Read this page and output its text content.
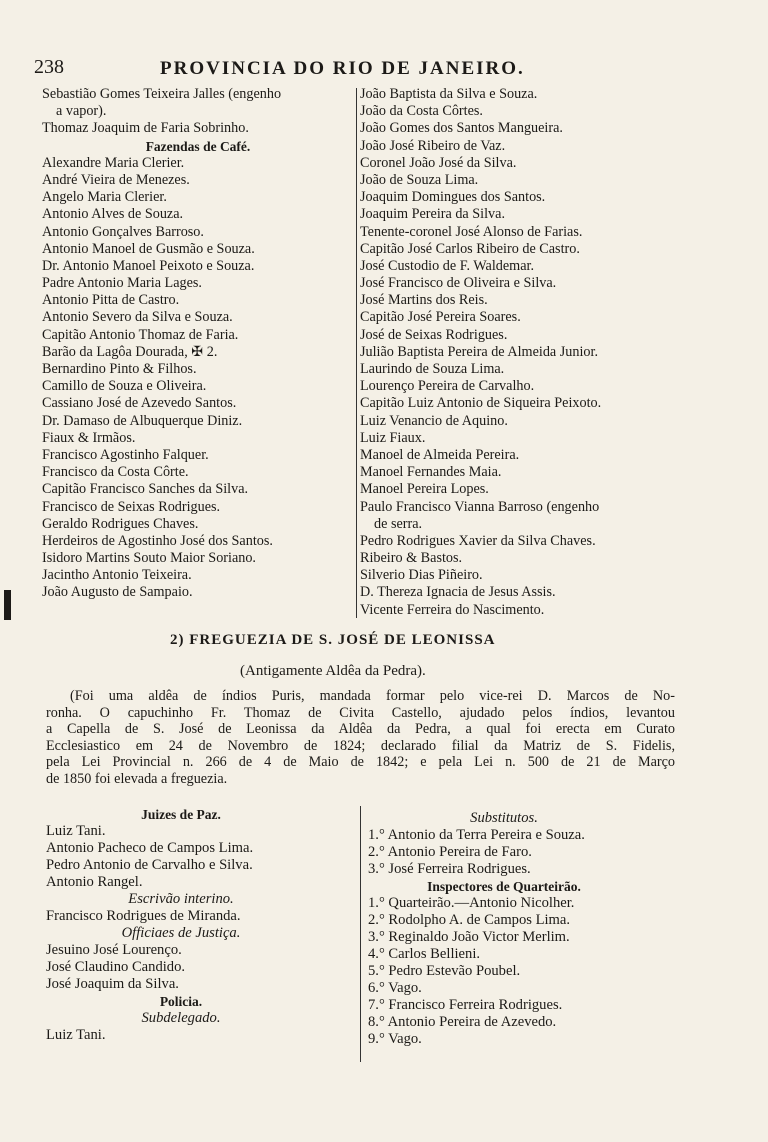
238	PROVINCIA DO RIO DE JANEIRO.
Sebastião Gomes Teixeira Jalles (engenho
a vapor).
Thomaz Joaquim de Faria Sobrinho.
Fazendas de Café.
Alexandre Maria Clerier.
André Vieira de Menezes.
Angelo Maria Clerier.
Antonio Alves de Souza.
Antonio Gonçalves Barroso.
Antonio Manoel de Gusmão e Souza.
Dr. Antonio Manoel Peixoto e Souza.
Padre Antonio Maria Lages.
Antonio Pitta de Castro.
Antonio Severo da Silva e Souza.
Capitão Antonio Thomaz de Faria.
Barão da Lagôa Dourada, ✠ 2.
Bernardino Pinto & Filhos.
Camillo de Souza e Oliveira.
Cassiano José de Azevedo Santos.
Dr. Damaso de Albuquerque Diniz.
Fiaux & Irmãos.
Francisco Agostinho Falquer.
Francisco da Costa Côrte.
Capitão Francisco Sanches da Silva.
Francisco de Seixas Rodrigues.
Geraldo Rodrigues Chaves.
Herdeiros de Agostinho José dos Santos.
Isidoro Martins Souto Maior Soriano.
Jacintho Antonio Teixeira.
João Augusto de Sampaio.
João Baptista da Silva e Souza.
João da Costa Côrtes.
João Gomes dos Santos Mangueira.
João José Ribeiro de Vaz.
Coronel João José da Silva.
João de Souza Lima.
Joaquim Domingues dos Santos.
Joaquim Pereira da Silva.
Tenente-coronel José Alonso de Farias.
Capitão José Carlos Ribeiro de Castro.
José Custodio de F. Waldemar.
José Francisco de Oliveira e Silva.
José Martins dos Reis.
Capitão José Pereira Soares.
José de Seixas Rodrigues.
Julião Baptista Pereira de Almeida Junior.
Laurindo de Souza Lima.
Lourenço Pereira de Carvalho.
Capitão Luiz Antonio de Siqueira Peixoto.
Luiz Venancio de Aquino.
Luiz Fiaux.
Manoel de Almeida Pereira.
Manoel Fernandes Maia.
Manoel Pereira Lopes.
Paulo Francisco Vianna Barroso (engenho
de serra.
Pedro Rodrigues Xavier da Silva Chaves.
Ribeiro & Bastos.
Silverio Dias Piñeiro.
D. Thereza Ignacia de Jesus Assis.
Vicente Ferreira do Nascimento.
2) FREGUEZIA DE S. JOSÉ DE LEONISSA
(Antigamente Aldêa da Pedra).
(Foi uma aldêa de índios Puris, mandada formar pelo vice-rei D. Marcos de No-
ronha. O capuchinho Fr. Thomaz de Civita Castello, ajudado pelos índios, levantou
a Capella de S. José de Leonissa da Aldêa da Pedra, a qual foi erecta em Curato
Ecclesiastico em 24 de Novembro de 1824; declarado filial da Matriz de S. Fidelis,
pela Lei Provincial n. 266 de 4 de Maio de 1842; e pela Lei n. 500 de 21 de Março
de 1850 foi elevada a freguezia.
Juizes de Paz.
Luiz Tani.
Antonio Pacheco de Campos Lima.
Pedro Antonio de Carvalho e Silva.
Antonio Rangel.
Escrivão interino.
Francisco Rodrigues de Miranda.
Officiaes de Justiça.
Jesuino José Lourenço.
José Claudino Candido.
José Joaquim da Silva.
Policia.
Subdelegado.
Luiz Tani.
Substitutos.
1.° Antonio da Terra Pereira e Souza.
2.° Antonio Pereira de Faro.
3.° José Ferreira Rodrigues.
Inspectores de Quarteirão.
1.° Quarteirão.—Antonio Nicolher.
2.° Rodolpho A. de Campos Lima.
3.° Reginaldo João Victor Merlim.
4.° Carlos Bellieni.
5.° Pedro Estevão Poubel.
6.° Vago.
7.° Francisco Ferreira Rodrigues.
8.° Antonio Pereira de Azevedo.
9.° Vago.
